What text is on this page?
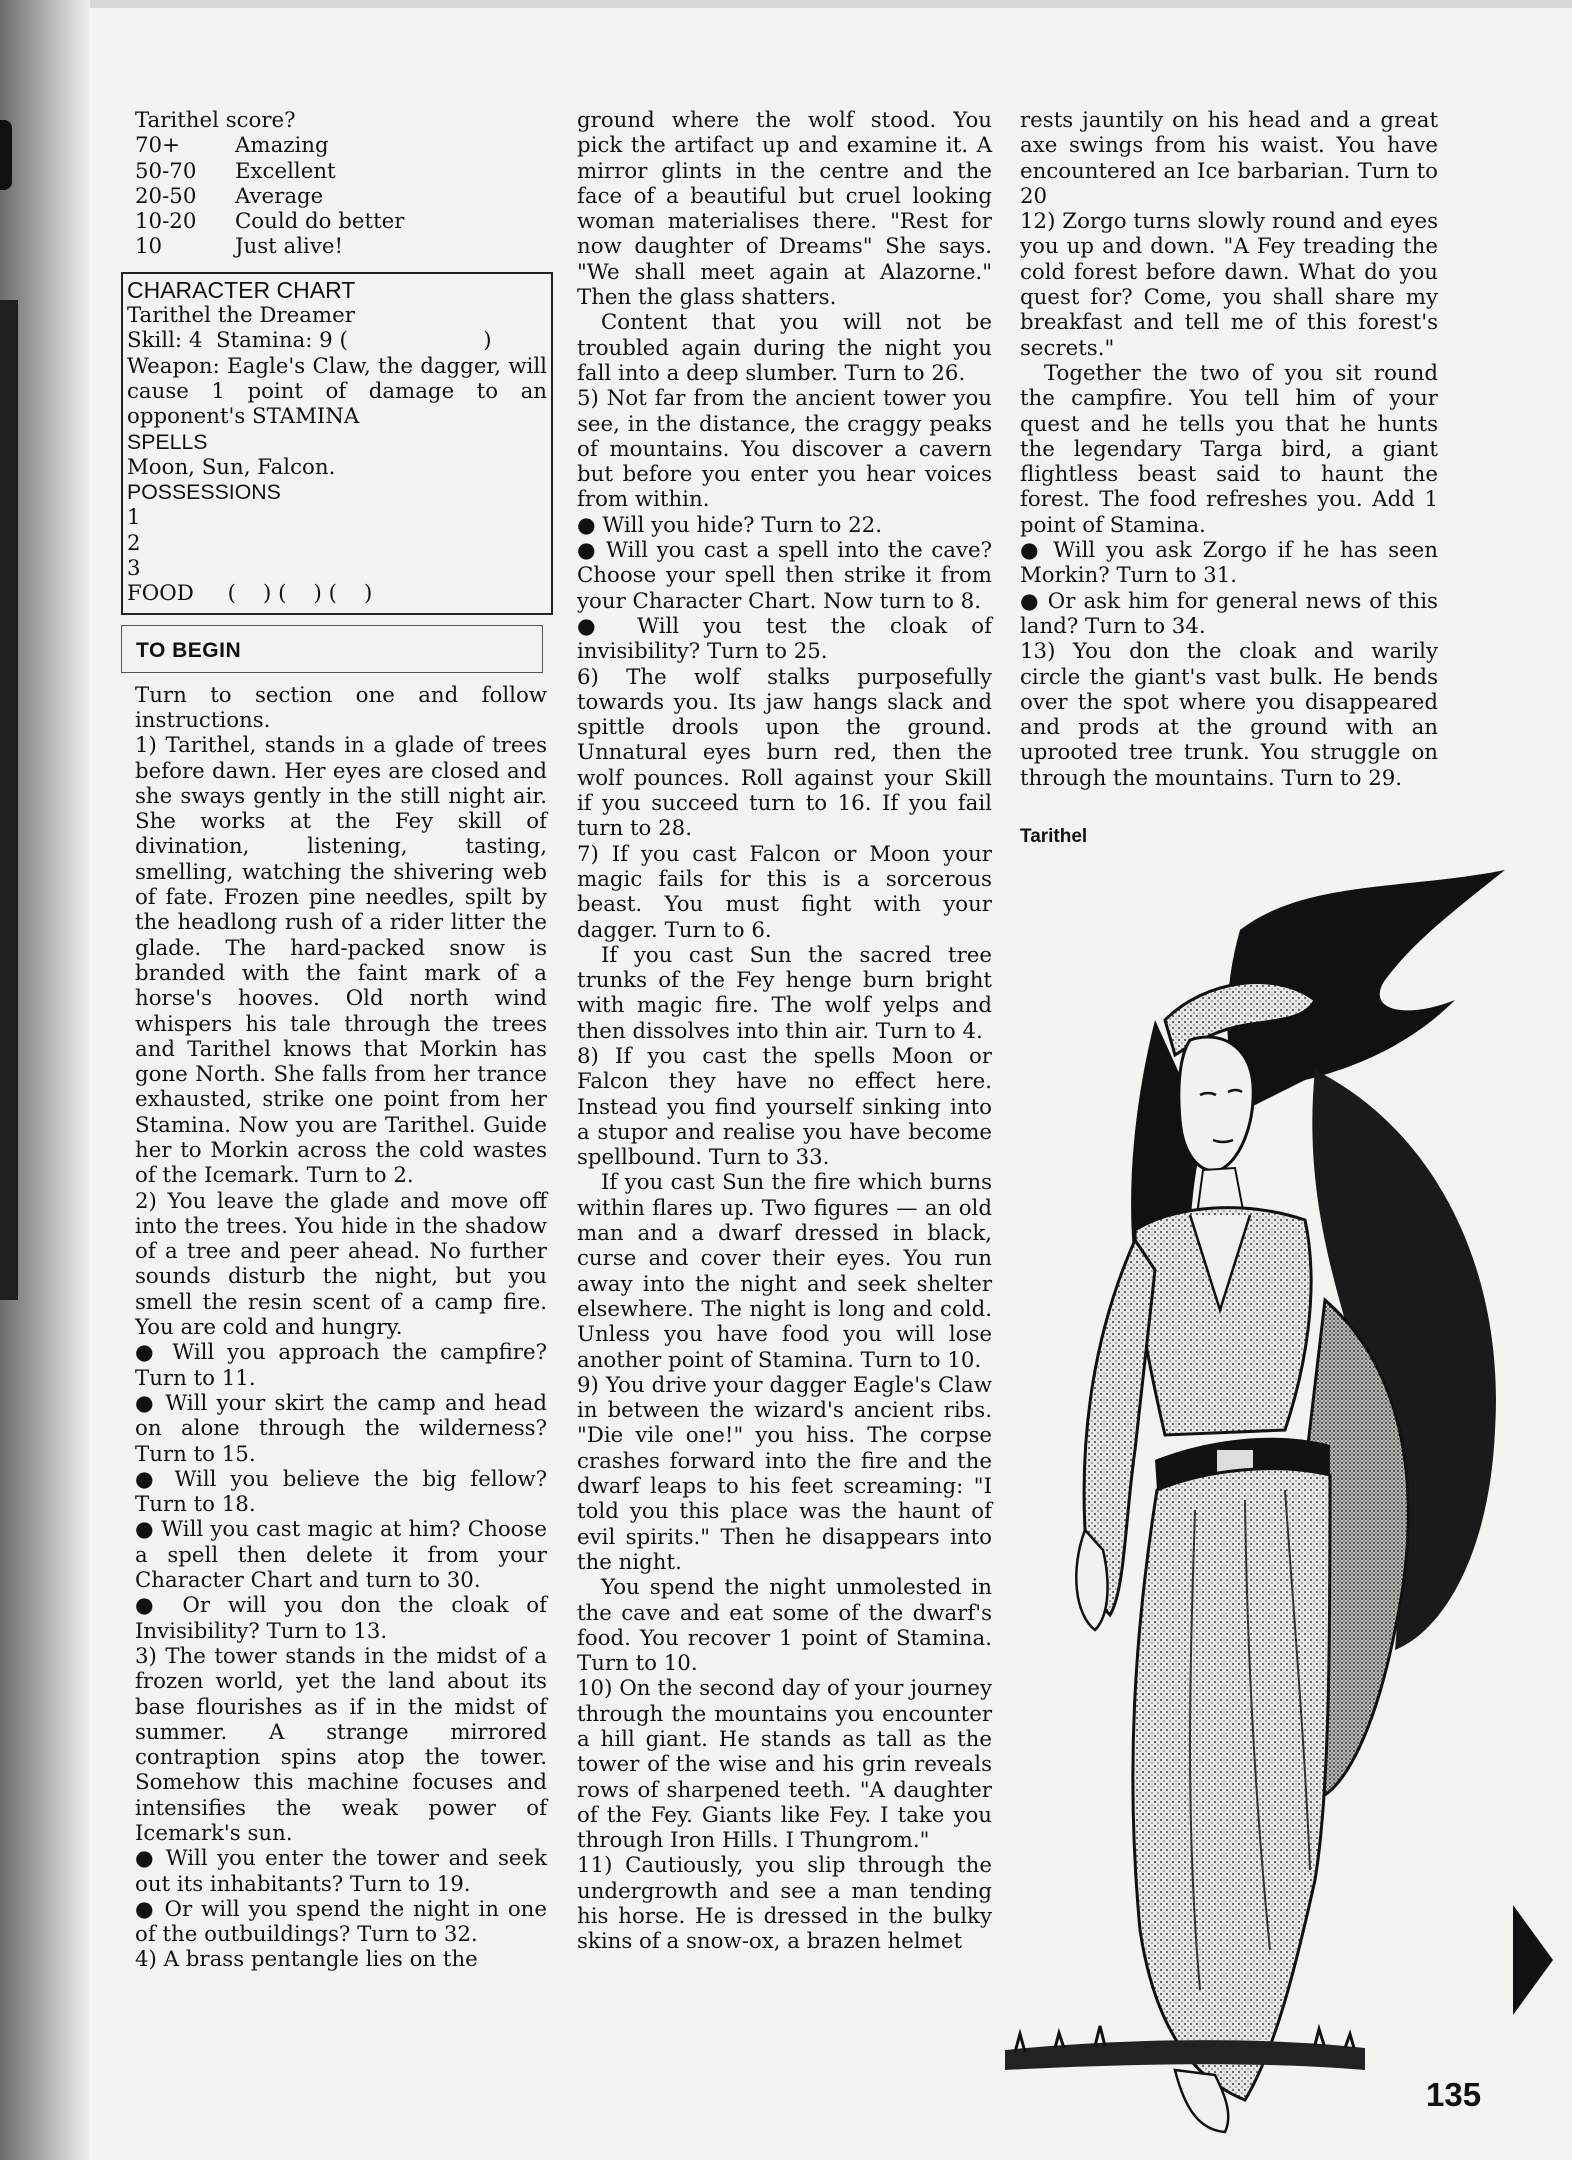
Tarithel score?
70+	Amazing
50-70	Excellent
20-50	Average
10-20	Could do better
10	Just alive!
CHARACTER CHART
Tarithel the Dreamer
Skill: 4  Stamina: 9 (                    )
Weapon: Eagle's Claw, the dagger, will cause 1 point of damage to an opponent's STAMINA
SPELLS
Moon, Sun, Falcon.
POSSESSIONS
1
2
3
FOOD (    ) (    ) (    )
TO BEGIN

Turn to section one and follow instructions.

1) Tarithel, stands in a glade of trees before dawn. Her eyes are closed and she sways gently in the still night air. She works at the Fey skill of divination, listening, tasting, smelling, watching the shivering web of fate. Frozen pine needles, spilt by the headlong rush of a rider litter the glade. The hard-packed snow is branded with the faint mark of a horse's hooves. Old north wind whispers his tale through the trees and Tarithel knows that Morkin has gone North. She falls from her trance exhausted, strike one point from her Stamina. Now you are Tarithel. Guide her to Morkin across the cold wastes of the Icemark. Turn to 2.

2) You leave the glade and move off into the trees. You hide in the shadow of a tree and peer ahead. No further sounds disturb the night, but you smell the resin scent of a camp fire. You are cold and hungry.

● Will you approach the campfire? Turn to 11.

● Will your skirt the camp and head on alone through the wilderness? Turn to 15.

● Will you believe the big fellow? Turn to 18.

● Will you cast magic at him? Choose a spell then delete it from your Character Chart and turn to 30.

● Or will you don the cloak of Invisibility? Turn to 13.

3) The tower stands in the midst of a frozen world, yet the land about its base flourishes as if in the midst of summer. A strange mirrored contraption spins atop the tower. Somehow this machine focuses and intensifies the weak power of Icemark's sun.

● Will you enter the tower and seek out its inhabitants? Turn to 19.

● Or will you spend the night in one of the outbuildings? Turn to 32.

4) A brass pentangle lies on the

ground where the wolf stood. You pick the artifact up and examine it. A mirror glints in the centre and the face of a beautiful but cruel looking woman materialises there. "Rest for now daughter of Dreams" She says. "We shall meet again at Alazorne." Then the glass shatters.

Content that you will not be troubled again during the night you fall into a deep slumber. Turn to 26.

5) Not far from the ancient tower you see, in the distance, the craggy peaks of mountains. You discover a cavern but before you enter you hear voices from within.

● Will you hide? Turn to 22.

● Will you cast a spell into the cave? Choose your spell then strike it from your Character Chart. Now turn to 8.

● Will you test the cloak of invisibility? Turn to 25.

6) The wolf stalks purposefully towards you. Its jaw hangs slack and spittle drools upon the ground. Unnatural eyes burn red, then the wolf pounces. Roll against your Skill if you succeed turn to 16. If you fail turn to 28.

7) If you cast Falcon or Moon your magic fails for this is a sorcerous beast. You must fight with your dagger. Turn to 6.

If you cast Sun the sacred tree trunks of the Fey henge burn bright with magic fire. The wolf yelps and then dissolves into thin air. Turn to 4.

8) If you cast the spells Moon or Falcon they have no effect here. Instead you find yourself sinking into a stupor and realise you have become spellbound. Turn to 33.

If you cast Sun the fire which burns within flares up. Two figures — an old man and a dwarf dressed in black, curse and cover their eyes. You run away into the night and seek shelter elsewhere. The night is long and cold. Unless you have food you will lose another point of Stamina. Turn to 10.

9) You drive your dagger Eagle's Claw in between the wizard's ancient ribs. "Die vile one!" you hiss. The corpse crashes forward into the fire and the dwarf leaps to his feet screaming: "I told you this place was the haunt of evil spirits." Then he disappears into the night.

You spend the night unmolested in the cave and eat some of the dwarf's food. You recover 1 point of Stamina. Turn to 10.

10) On the second day of your journey through the mountains you encounter a hill giant. He stands as tall as the tower of the wise and his grin reveals rows of sharpened teeth. "A daughter of the Fey. Giants like Fey. I take you through Iron Hills. I Thungrom."

11) Cautiously, you slip through the undergrowth and see a man tending his horse. He is dressed in the bulky skins of a snow-ox, a brazen helmet

rests jauntily on his head and a great axe swings from his waist. You have encountered an Ice barbarian. Turn to 20

12) Zorgo turns slowly round and eyes you up and down. "A Fey treading the cold forest before dawn. What do you quest for? Come, you shall share my breakfast and tell me of this forest's secrets."

Together the two of you sit round the campfire. You tell him of your quest and he tells you that he hunts the legendary Targa bird, a giant flightless beast said to haunt the forest. The food refreshes you. Add 1 point of Stamina.

● Will you ask Zorgo if he has seen Morkin? Turn to 31.

● Or ask him for general news of this land? Turn to 34.

13) You don the cloak and warily circle the giant's vast bulk. He bends over the spot where you disappeared and prods at the ground with an uprooted tree trunk. You struggle on through the mountains. Turn to 29.

Tarithel
135
